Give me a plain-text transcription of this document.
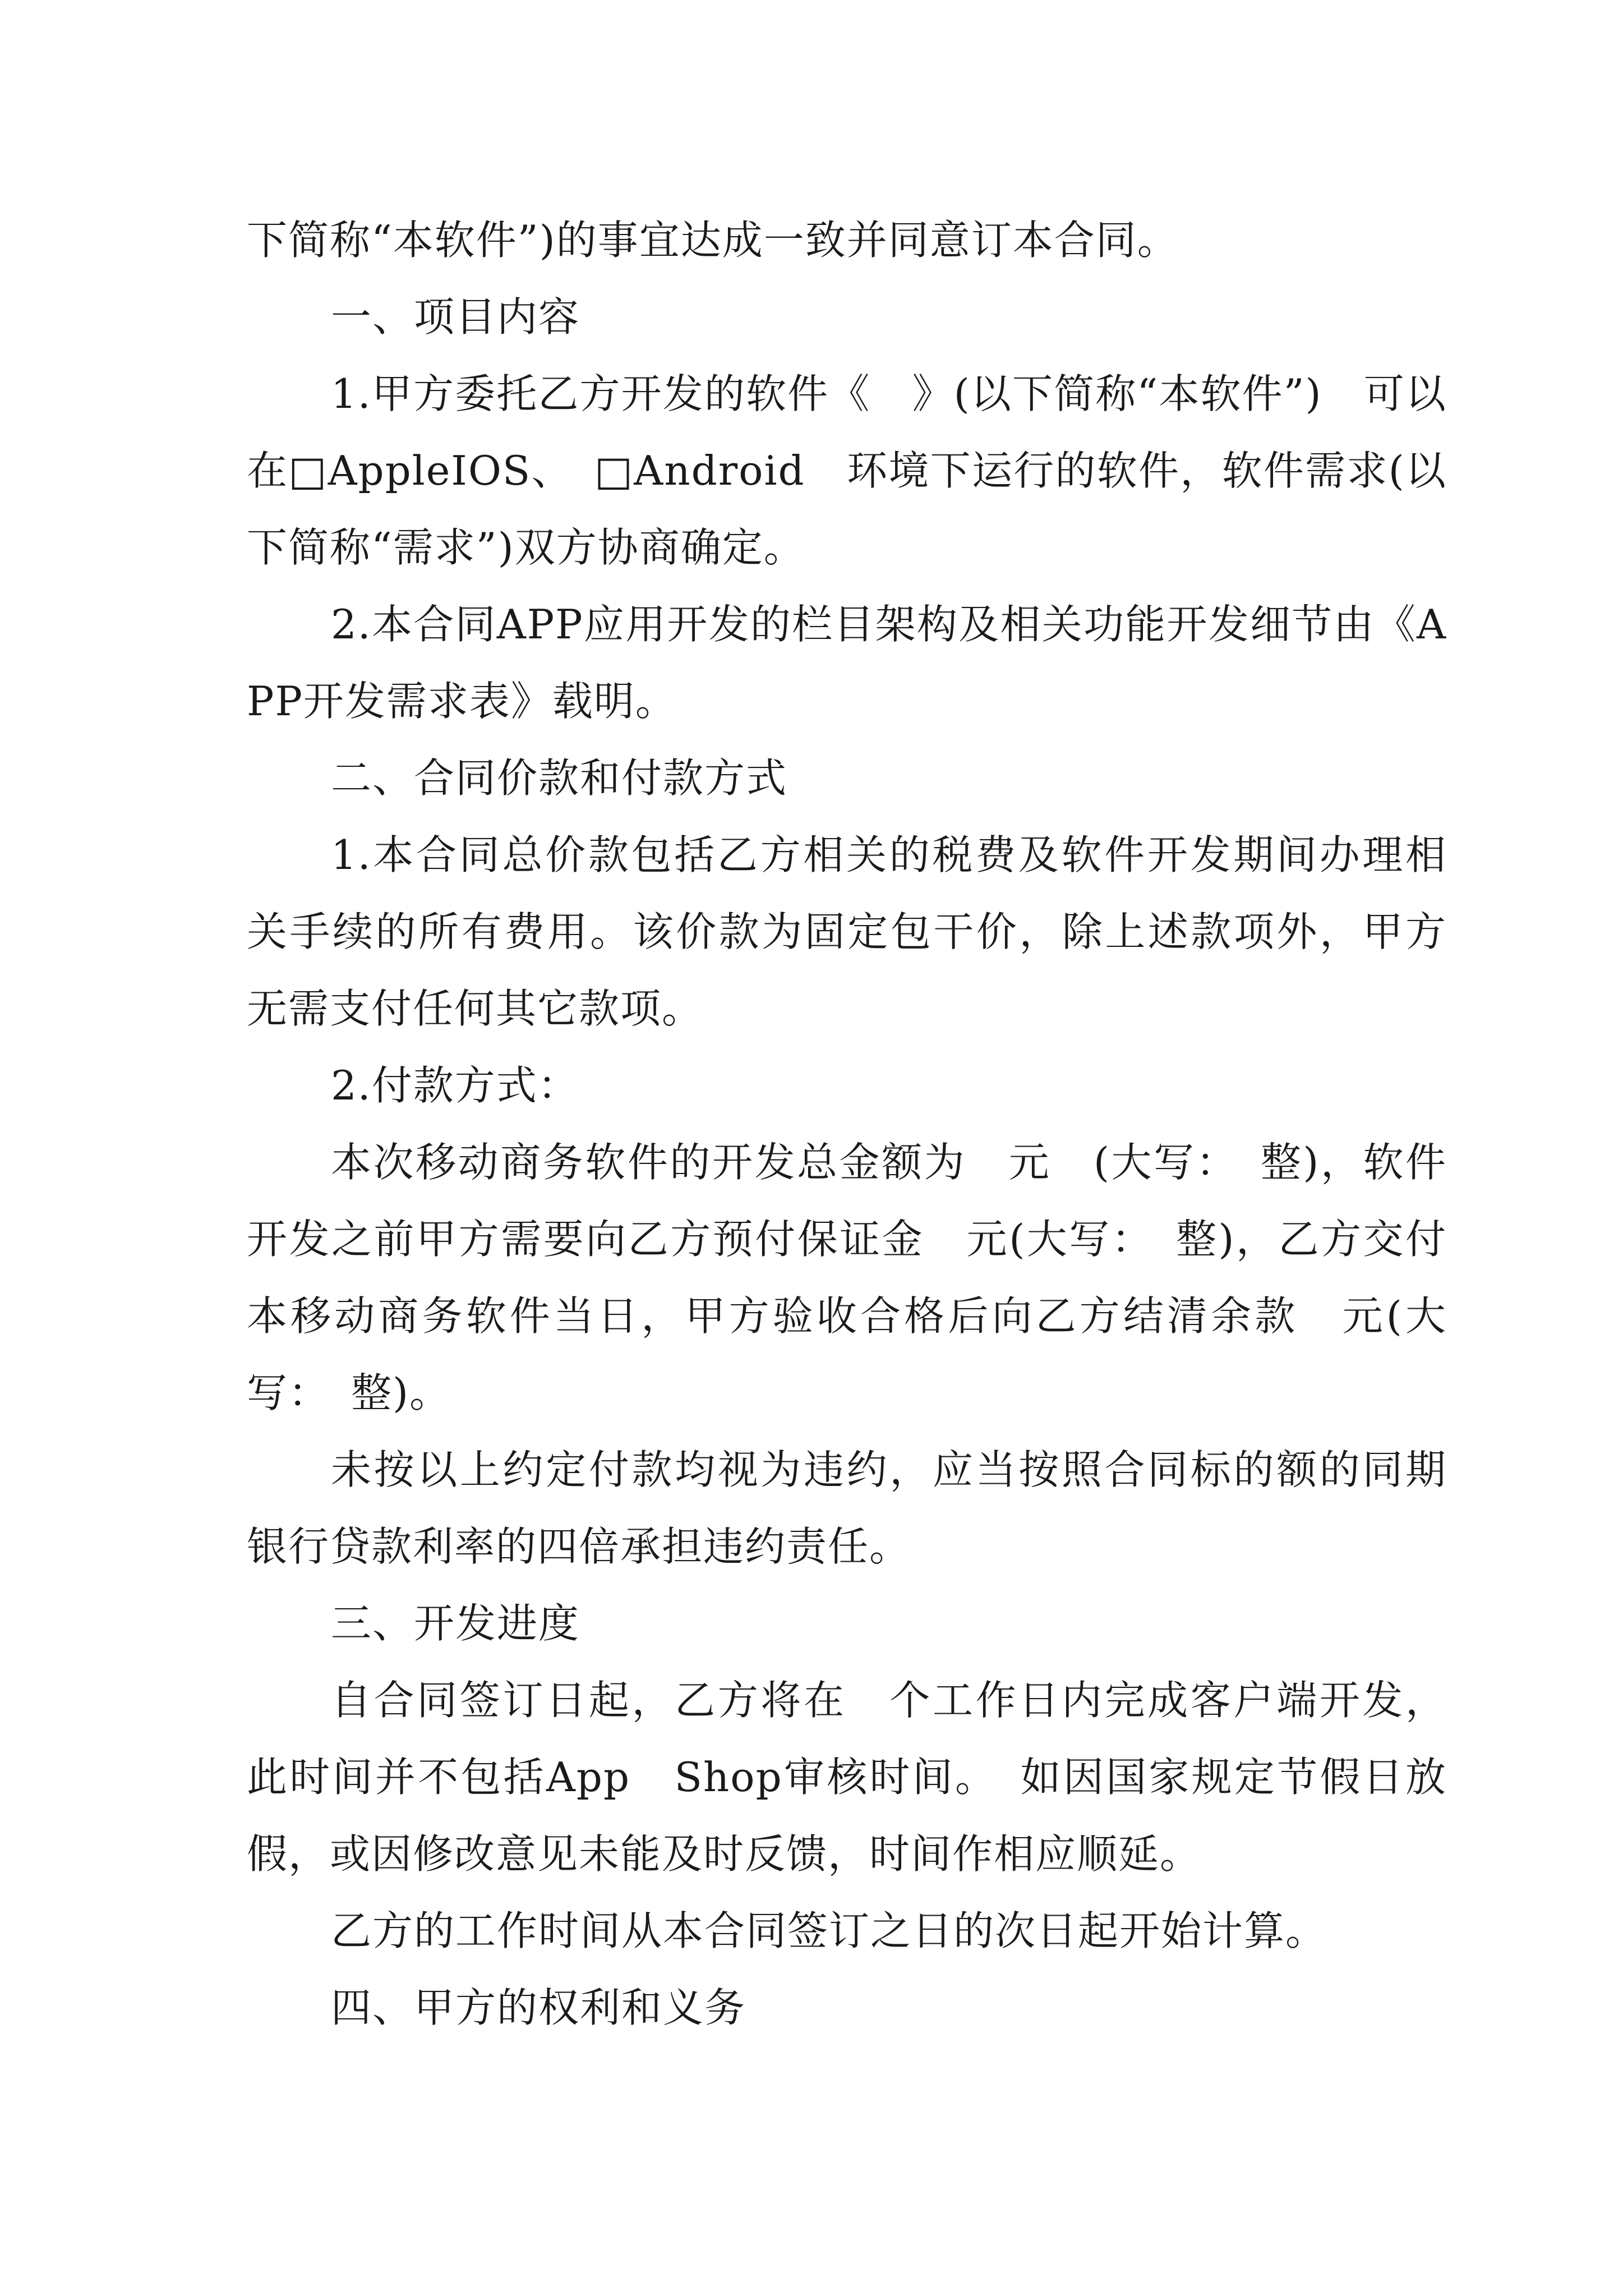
下简称“本软件”)的事宜达成一致并同意订本合同。

一、项目内容

1.甲方委托乙方开发的软件《　》(以下简称“本软件”)　可以在□AppleIOS、　□Android　环境下运行的软件，软件需求(以下简称“需求”)双方协商确定。

2.本合同APP应用开发的栏目架构及相关功能开发细节由《APP开发需求表》载明。

二、合同价款和付款方式

1.本合同总价款包括乙方相关的税费及软件开发期间办理相关手续的所有费用。该价款为固定包干价，除上述款项外，甲方无需支付任何其它款项。

2.付款方式：

本次移动商务软件的开发总金额为　元　(大写：　整)，软件开发之前甲方需要向乙方预付保证金　元(大写：　整)，乙方交付本移动商务软件当日，甲方验收合格后向乙方结清余款　元(大写：　整)。

未按以上约定付款均视为违约，应当按照合同标的额的同期银行贷款利率的四倍承担违约责任。

三、开发进度

自合同签订日起，乙方将在　个工作日内完成客户端开发，此时间并不包括App　Shop审核时间。　如因国家规定节假日放假，或因修改意见未能及时反馈，时间作相应顺延。

乙方的工作时间从本合同签订之日的次日起开始计算。

四、甲方的权利和义务
